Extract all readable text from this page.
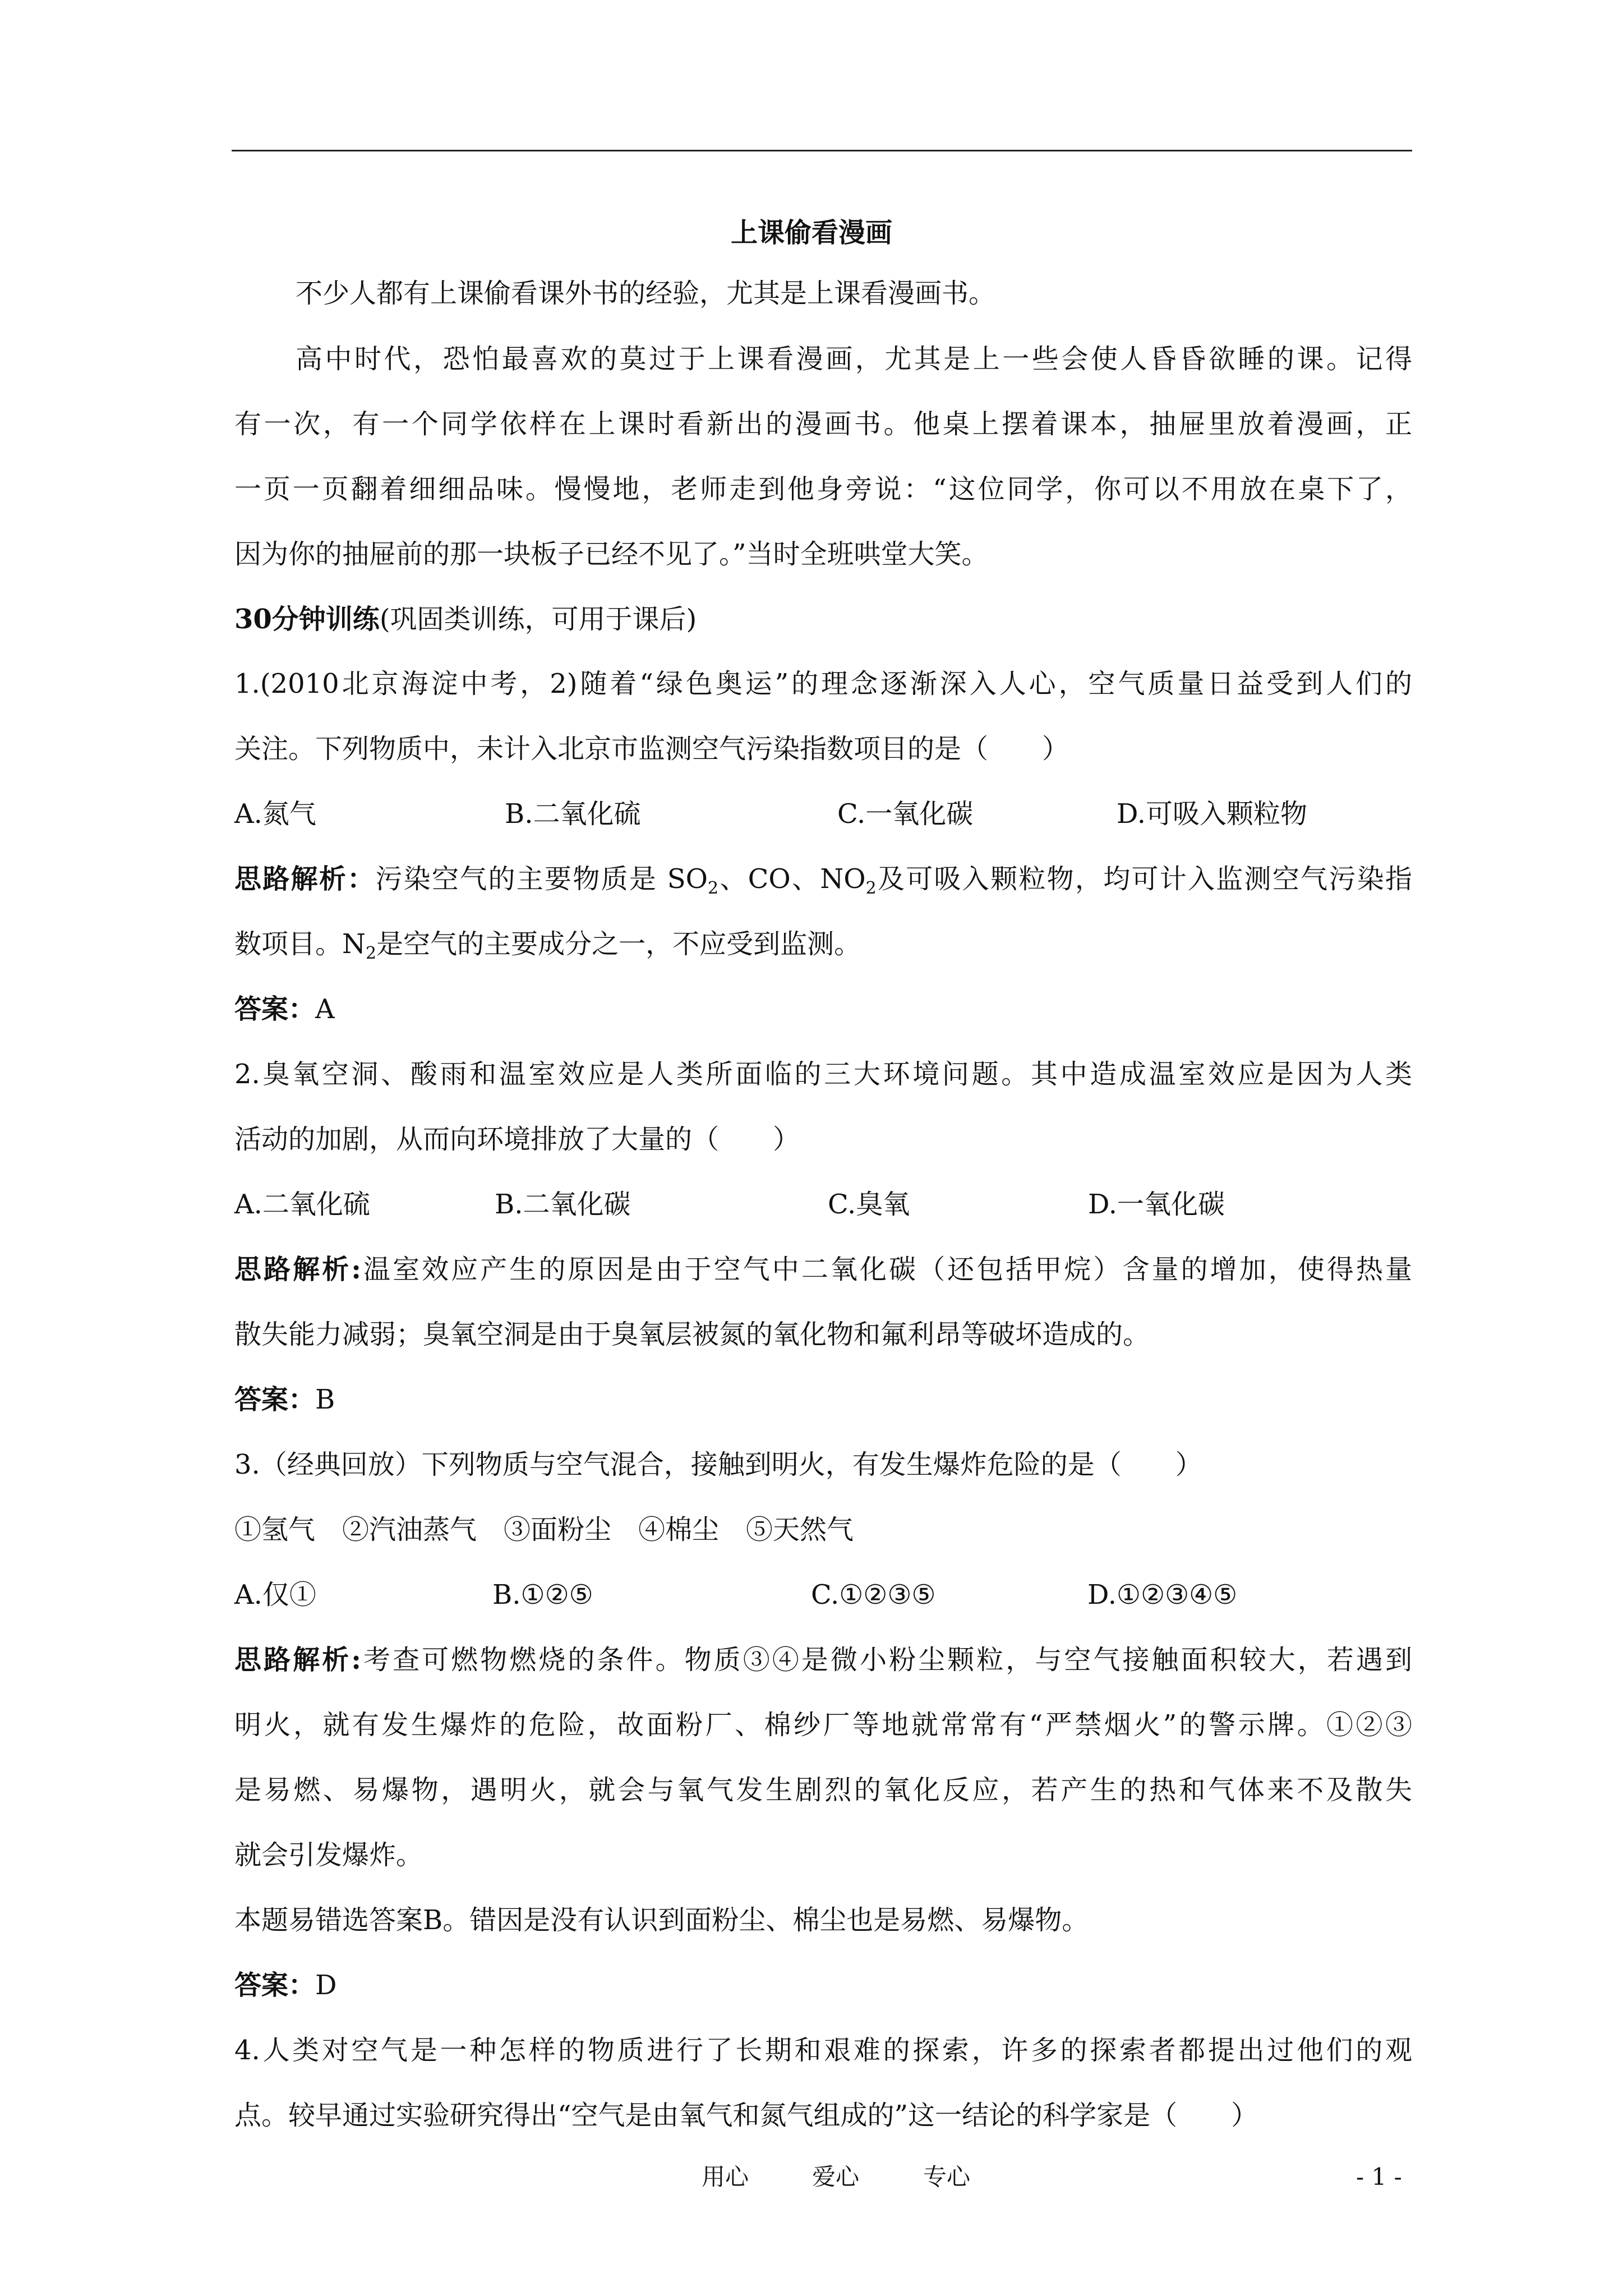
上课偷看漫画
不少人都有上课偷看课外书的经验，尤其是上课看漫画书。
高中时代，恐怕最喜欢的莫过于上课看漫画，尤其是上一些会使人昏昏欲睡的课。记得
有一次，有一个同学依样在上课时看新出的漫画书。他桌上摆着课本，抽屉里放着漫画，正
一页一页翻着细细品味。慢慢地，老师走到他身旁说：“这位同学，你可以不用放在桌下了，
因为你的抽屉前的那一块板子已经不见了。”当时全班哄堂大笑。
30分钟训练(巩固类训练，可用于课后)
1.(2010北京海淀中考，2)随着“绿色奥运”的理念逐渐深入人心，空气质量日益受到人们的
关注。下列物质中，未计入北京市监测空气污染指数项目的是（　　）
A.氮气	B.二氧化硫	C.一氧化碳	D.可吸入颗粒物
思路解析：污染空气的主要物质是 $SO_2$、CO、$NO_2$及可吸入颗粒物，均可计入监测空气污染指
数项目。$N_2$是空气的主要成分之一，不应受到监测。
答案：A
2.臭氧空洞、酸雨和温室效应是人类所面临的三大环境问题。其中造成温室效应是因为人类
活动的加剧，从而向环境排放了大量的（　　）
A.二氧化硫	B.二氧化碳	C.臭氧	D.一氧化碳
思路解析:温室效应产生的原因是由于空气中二氧化碳（还包括甲烷）含量的增加，使得热量
散失能力减弱；臭氧空洞是由于臭氧层被氮的氧化物和氟利昂等破坏造成的。
答案：B
3.（经典回放）下列物质与空气混合，接触到明火，有发生爆炸危险的是（　　）
①氢气　②汽油蒸气　③面粉尘　④棉尘　⑤天然气
A.仅①	B.①②⑤	C.①②③⑤	D.①②③④⑤
思路解析:考查可燃物燃烧的条件。物质③④是微小粉尘颗粒，与空气接触面积较大，若遇到
明火，就有发生爆炸的危险，故面粉厂、棉纱厂等地就常常有“严禁烟火”的警示牌。①②③
是易燃、易爆物，遇明火，就会与氧气发生剧烈的氧化反应，若产生的热和气体来不及散失
就会引发爆炸。
本题易错选答案B。错因是没有认识到面粉尘、棉尘也是易燃、易爆物。
答案：D
4.人类对空气是一种怎样的物质进行了长期和艰难的探索，许多的探索者都提出过他们的观
点。较早通过实验研究得出“空气是由氧气和氮气组成的”这一结论的科学家是（　　）
用心	爱心	专心	- 1 -
